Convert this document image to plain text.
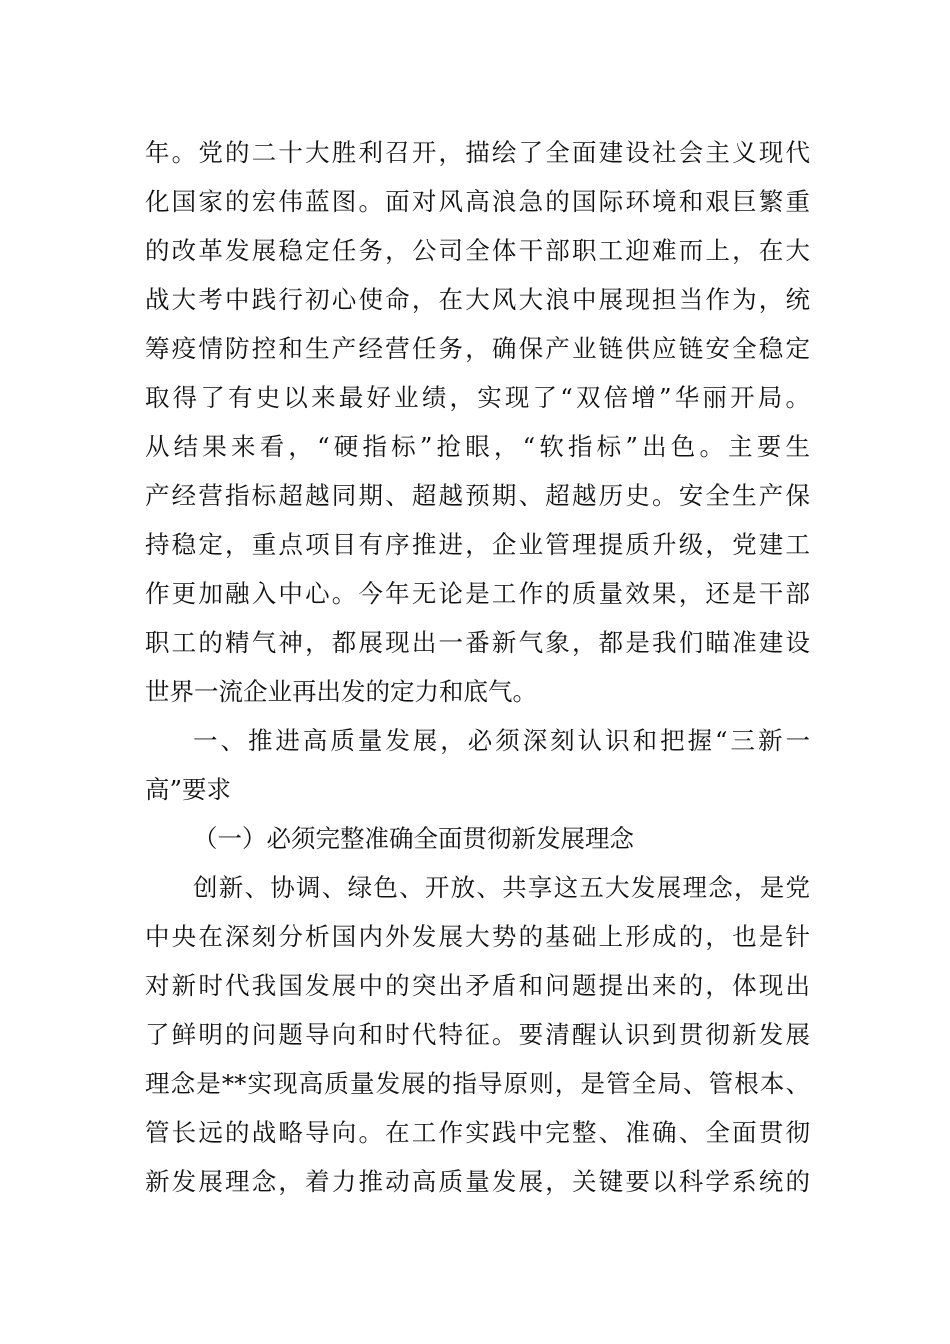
年。党的二十大胜利召开，描绘了全面建设社会主义现代
化国家的宏伟蓝图。面对风高浪急的国际环境和艰巨繁重
的改革发展稳定任务，公司全体干部职工迎难而上，在大
战大考中践行初心使命，在大风大浪中展现担当作为，统
筹疫情防控和生产经营任务，确保产业链供应链安全稳定
取得了有史以来最好业绩，实现了“双倍增”华丽开局。
从结果来看，“硬指标”抢眼，“软指标”出色。主要生
产经营指标超越同期、超越预期、超越历史。安全生产保
持稳定，重点项目有序推进，企业管理提质升级，党建工
作更加融入中心。今年无论是工作的质量效果，还是干部
职工的精气神，都展现出一番新气象，都是我们瞄准建设
世界一流企业再出发的定力和底气。
一、推进高质量发展，必须深刻认识和把握“三新一
高”要求
（一）必须完整准确全面贯彻新发展理念
创新、协调、绿色、开放、共享这五大发展理念，是党
中央在深刻分析国内外发展大势的基础上形成的，也是针
对新时代我国发展中的突出矛盾和问题提出来的，体现出
了鲜明的问题导向和时代特征。要清醒认识到贯彻新发展
理念是**实现高质量发展的指导原则，是管全局、管根本、
管长远的战略导向。在工作实践中完整、准确、全面贯彻
新发展理念，着力推动高质量发展，关键要以科学系统的
